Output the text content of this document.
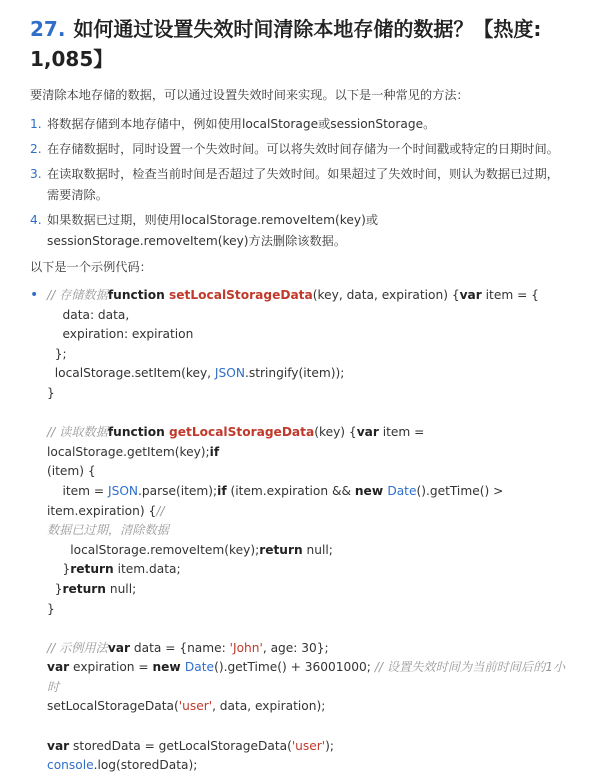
27. 如何通过设置失效时间清除本地存储的数据？【热度: 1,085】

要清除本地存储的数据，可以通过设置失效时间来实现。以下是一种常见的方法：

1. 将数据存储到本地存储中，例如使用localStorage或sessionStorage。
2. 在存储数据时，同时设置一个失效时间。可以将失效时间存储为一个时间戳或特定的日期时间。
3. 在读取数据时，检查当前时间是否超过了失效时间。如果超过了失效时间，则认为数据已过期，需要清除。
4. 如果数据已过期，则使用localStorage.removeItem(key)或sessionStorage.removeItem(key)方法删除该数据。

以下是一个示例代码：

• // 存储数据function setLocalStorageData(key, data, expiration) {var item = {
data: data,
expiration: expiration
};
localStorage.setItem(key, JSON.stringify(item));
}
// 读取数据function getLocalStorageData(key) {var item = localStorage.getItem(key);if
(item) {
item = JSON.parse(item);if (item.expiration && new Date().getTime() > item.expiration) {//
数据已过期，清除数据
localStorage.removeItem(key);return null;
}return item.data;
}return null;
}
// 示例用法var data = {name: 'John', age: 30};
var expiration = new Date().getTime() + 36001000; // 设置失效时间为当前时间后的1小时
setLocalStorageData('user', data, expiration);
var storedData = getLocalStorageData('user');
console.log(storedData);
